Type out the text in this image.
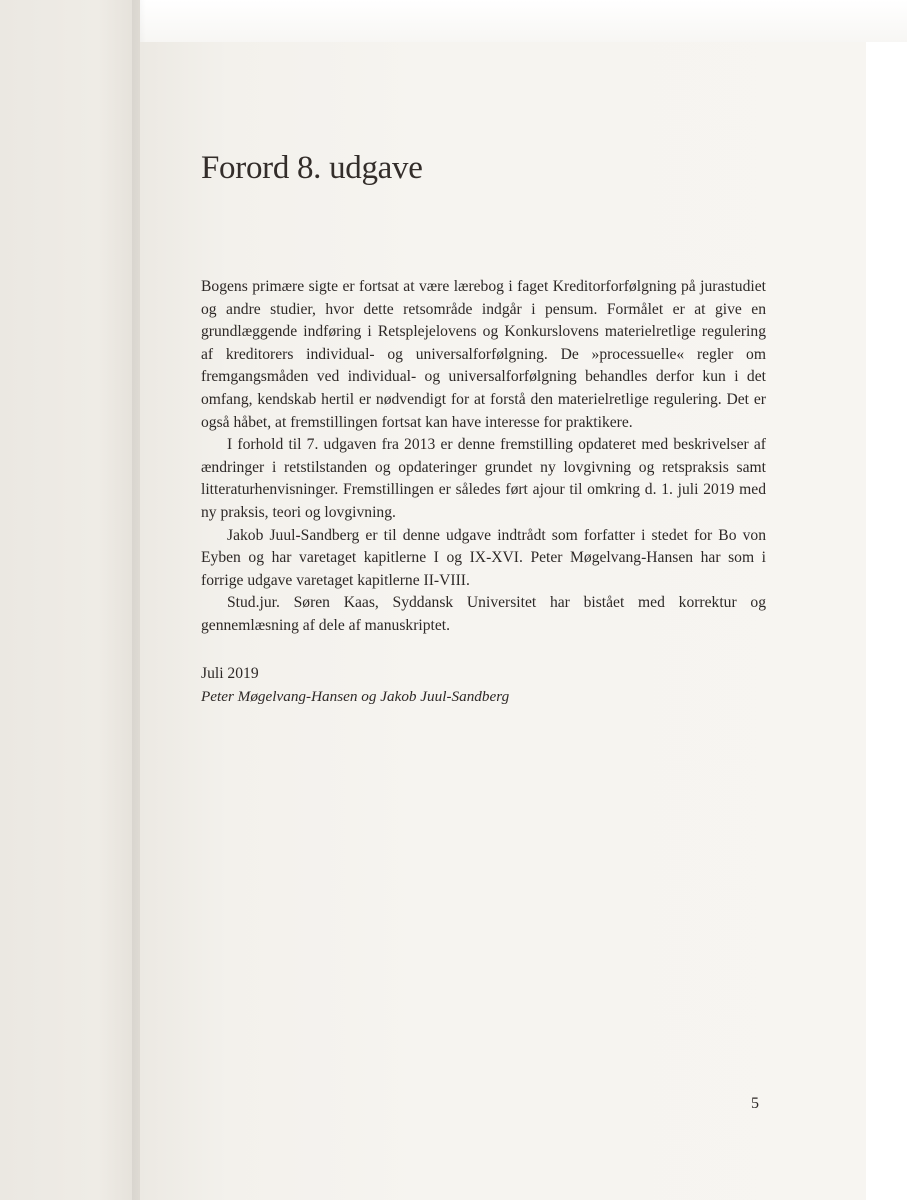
Forord 8. udgave

Bogens primære sigte er fortsat at være lærebog i faget Kreditorforfølgning på jurastudiet og andre studier, hvor dette retsområde indgår i pensum. Formålet er at give en grundlæggende indføring i Retsplejelovens og Konkurslovens materielretlige regulering af kreditorers individual- og universalforfølgning. De »processuelle« regler om fremgangsmåden ved individual- og universalforfølgning behandles derfor kun i det omfang, kendskab hertil er nødvendigt for at forstå den materielretlige regulering. Det er også håbet, at fremstillingen fortsat kan have interesse for praktikere.

I forhold til 7. udgaven fra 2013 er denne fremstilling opdateret med beskrivelser af ændringer i retstilstanden og opdateringer grundet ny lovgivning og retspraksis samt litteraturhenvisninger. Fremstillingen er således ført ajour til omkring d. 1. juli 2019 med ny praksis, teori og lovgivning.

Jakob Juul-Sandberg er til denne udgave indtrådt som forfatter i stedet for Bo von Eyben og har varetaget kapitlerne I og IX-XVI. Peter Møgelvang-Hansen har som i forrige udgave varetaget kapitlerne II-VIII.

Stud.jur. Søren Kaas, Syddansk Universitet har bistået med korrektur og gennemlæsning af dele af manuskriptet.

Juli 2019
Peter Møgelvang-Hansen og Jakob Juul-Sandberg
5
